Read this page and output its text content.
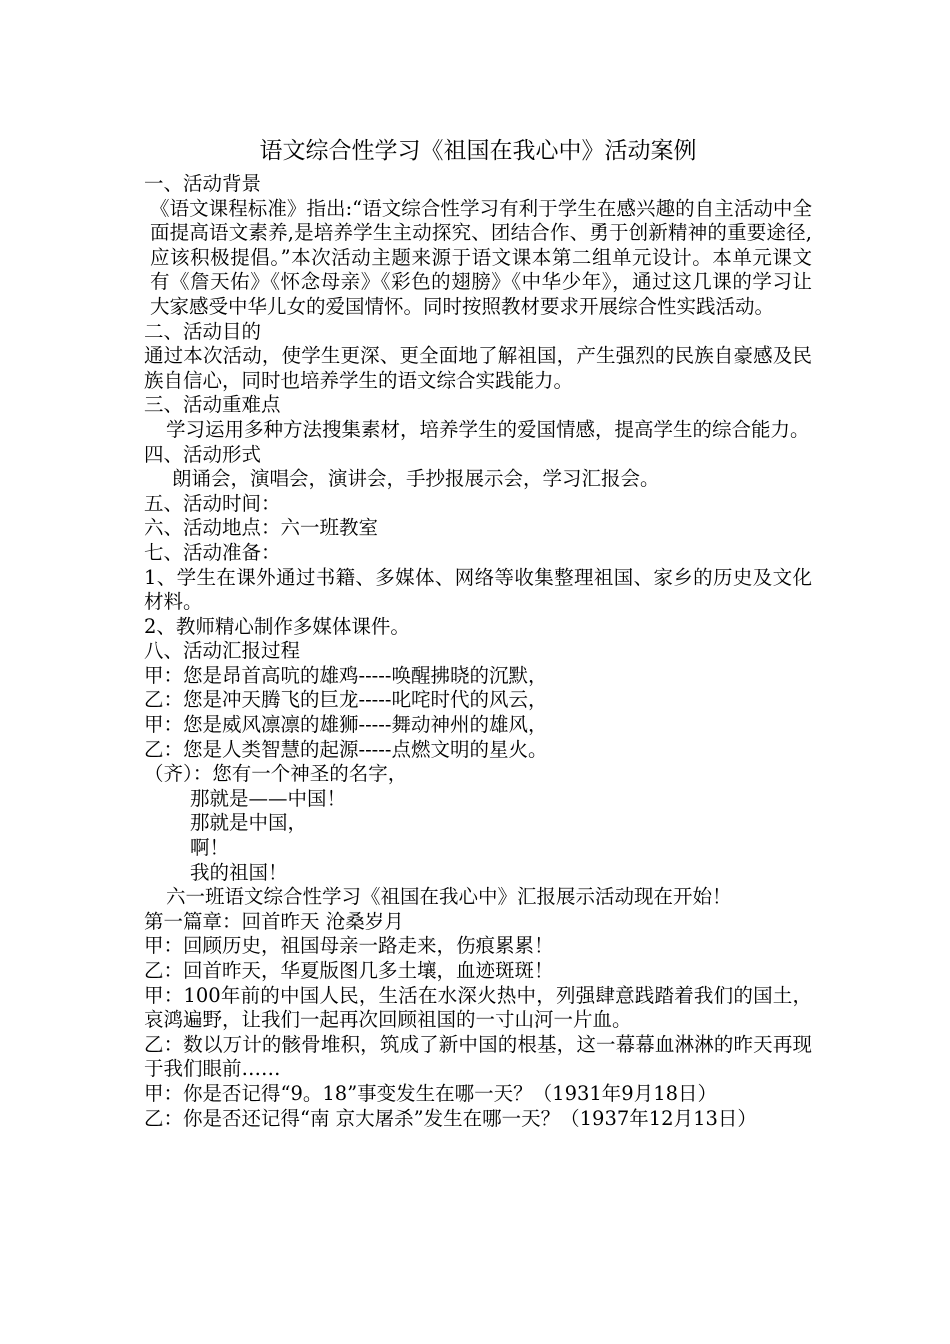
语文综合性学习《祖国在我心中》活动案例
一、活动背景
《语文课程标准》指出:“语文综合性学习有利于学生在感兴趣的自主活动中全面提高语文素养,是培养学生主动探究、团结合作、勇于创新精神的重要途径,应该积极提倡。”本次活动主题来源于语文课本第二组单元设计。本单元课文有《詹天佑》《怀念母亲》《彩色的翅膀》《中华少年》，通过这几课的学习让大家感受中华儿女的爱国情怀。同时按照教材要求开展综合性实践活动。
二、活动目的
通过本次活动，使学生更深、更全面地了解祖国，产生强烈的民族自豪感及民族自信心，同时也培养学生的语文综合实践能力。
三、活动重难点
学习运用多种方法搜集素材，培养学生的爱国情感，提高学生的综合能力。
四、活动形式
朗诵会，演唱会，演讲会，手抄报展示会，学习汇报会。
五、活动时间：
六、活动地点：六一班教室
七、活动准备：
1、学生在课外通过书籍、多媒体、网络等收集整理祖国、家乡的历史及文化材料。
2、教师精心制作多媒体课件。
八、活动汇报过程
甲：您是昂首高吭的雄鸡-----唤醒拂晓的沉默，
乙：您是冲天腾飞的巨龙-----叱咤时代的风云，
甲：您是威风凛凛的雄狮-----舞动神州的雄风，
乙：您是人类智慧的起源-----点燃文明的星火。
（齐）：您有一个神圣的名字，
那就是——中国！
那就是中国，
啊！
我的祖国！
六一班语文综合性学习《祖国在我心中》汇报展示活动现在开始！
第一篇章：回首昨天 沧桑岁月
甲：回顾历史，祖国母亲一路走来，伤痕累累！
乙：回首昨天，华夏版图几多土壤，血迹斑斑！
甲：100年前的中国人民，生活在水深火热中，列强肆意践踏着我们的国土，哀鸿遍野，让我们一起再次回顾祖国的一寸山河一片血。
乙：数以万计的骸骨堆积，筑成了新中国的根基，这一幕幕血淋淋的昨天再现于我们眼前……
甲：你是否记得“9。18”事变发生在哪一天？（1931年9月18日）
乙：你是否还记得“南 京大屠杀”发生在哪一天？（1937年12月13日）
